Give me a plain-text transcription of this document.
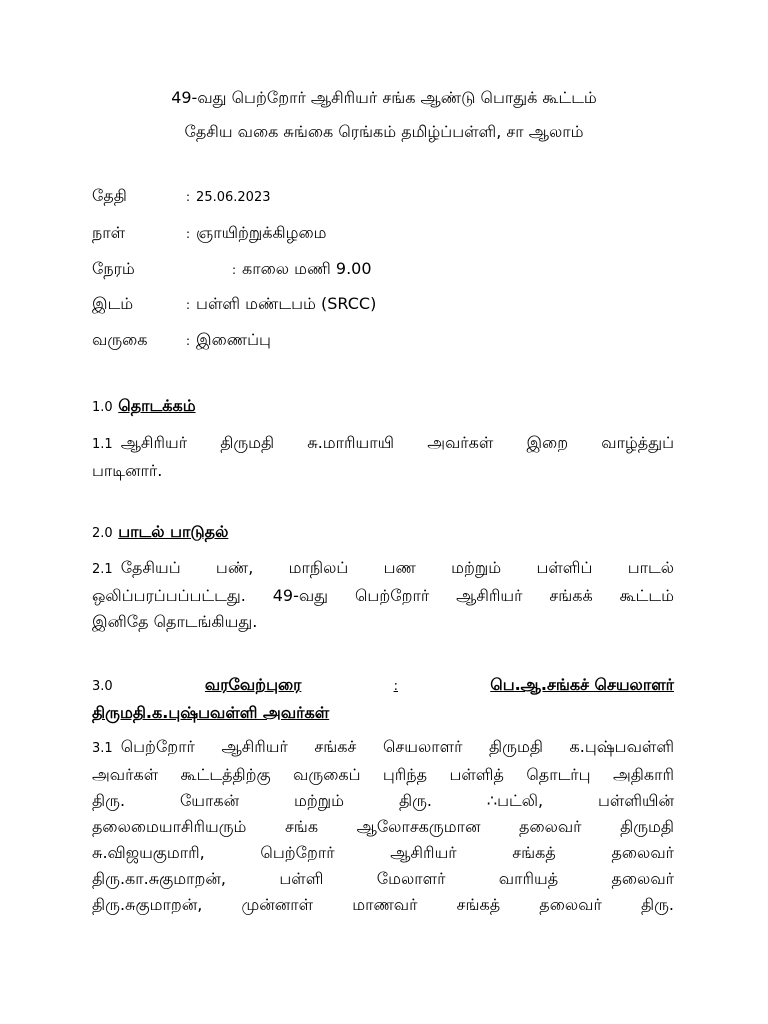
49-வது பெற்றோர் ஆசிரியர் சங்க ஆண்டு பொதுக் கூட்டம்
தேசிய வகை சுங்கை ரெங்கம் தமிழ்ப்பள்ளி, சா ஆலாம்
தேதி	: 25.06.2023
நாள்	: ஞாயிற்றுக்கிழமை
நேரம்	: காலை மணி 9.00
இடம்	: பள்ளி மண்டபம் (SRCC)
வருகை	: இணைப்பு
1.0 தொடக்கம்
1.1 ஆசிரியர் திருமதி சு.மாரியாயி அவர்கள் இறை வாழ்த்துப்
பாடினார்.
2.0 பாடல் பாடுதல்
2.1 தேசியப் பண், மாநிலப் பண மற்றும் பள்ளிப் பாடல்
ஒலிப்பரப்பப்பட்டது. 49-வது பெற்றோர் ஆசிரியர் சங்கக் கூட்டம்
இனிதே தொடங்கியது.
3.0	வரவேற்புரை	:	பெ.ஆ.சங்கச் செயலாளர்
திருமதி.க.புஷ்பவள்ளி அவர்கள்
3.1 பெற்றோர் ஆசிரியர் சங்கச் செயலாளர் திருமதி க.புஷ்பவள்ளி
அவர்கள் கூட்டத்திற்கு வருகைப் புரிந்த பள்ளித் தொடர்பு அதிகாரி
திரு. யோகன் மற்றும் திரு. ∴பட்லி, பள்ளியின்
தலைமையாசிரியரும் சங்க ஆலோசகருமான தலைவர் திருமதி
சு.விஜயகுமாரி, பெற்றோர் ஆசிரியர் சங்கத் தலைவர்
திரு.கா.சுகுமாறன், பள்ளி மேலாளர் வாரியத் தலைவர்
திரு.சுகுமாறன், முன்னாள் மாணவர் சங்கத் தலைவர் திரு.
